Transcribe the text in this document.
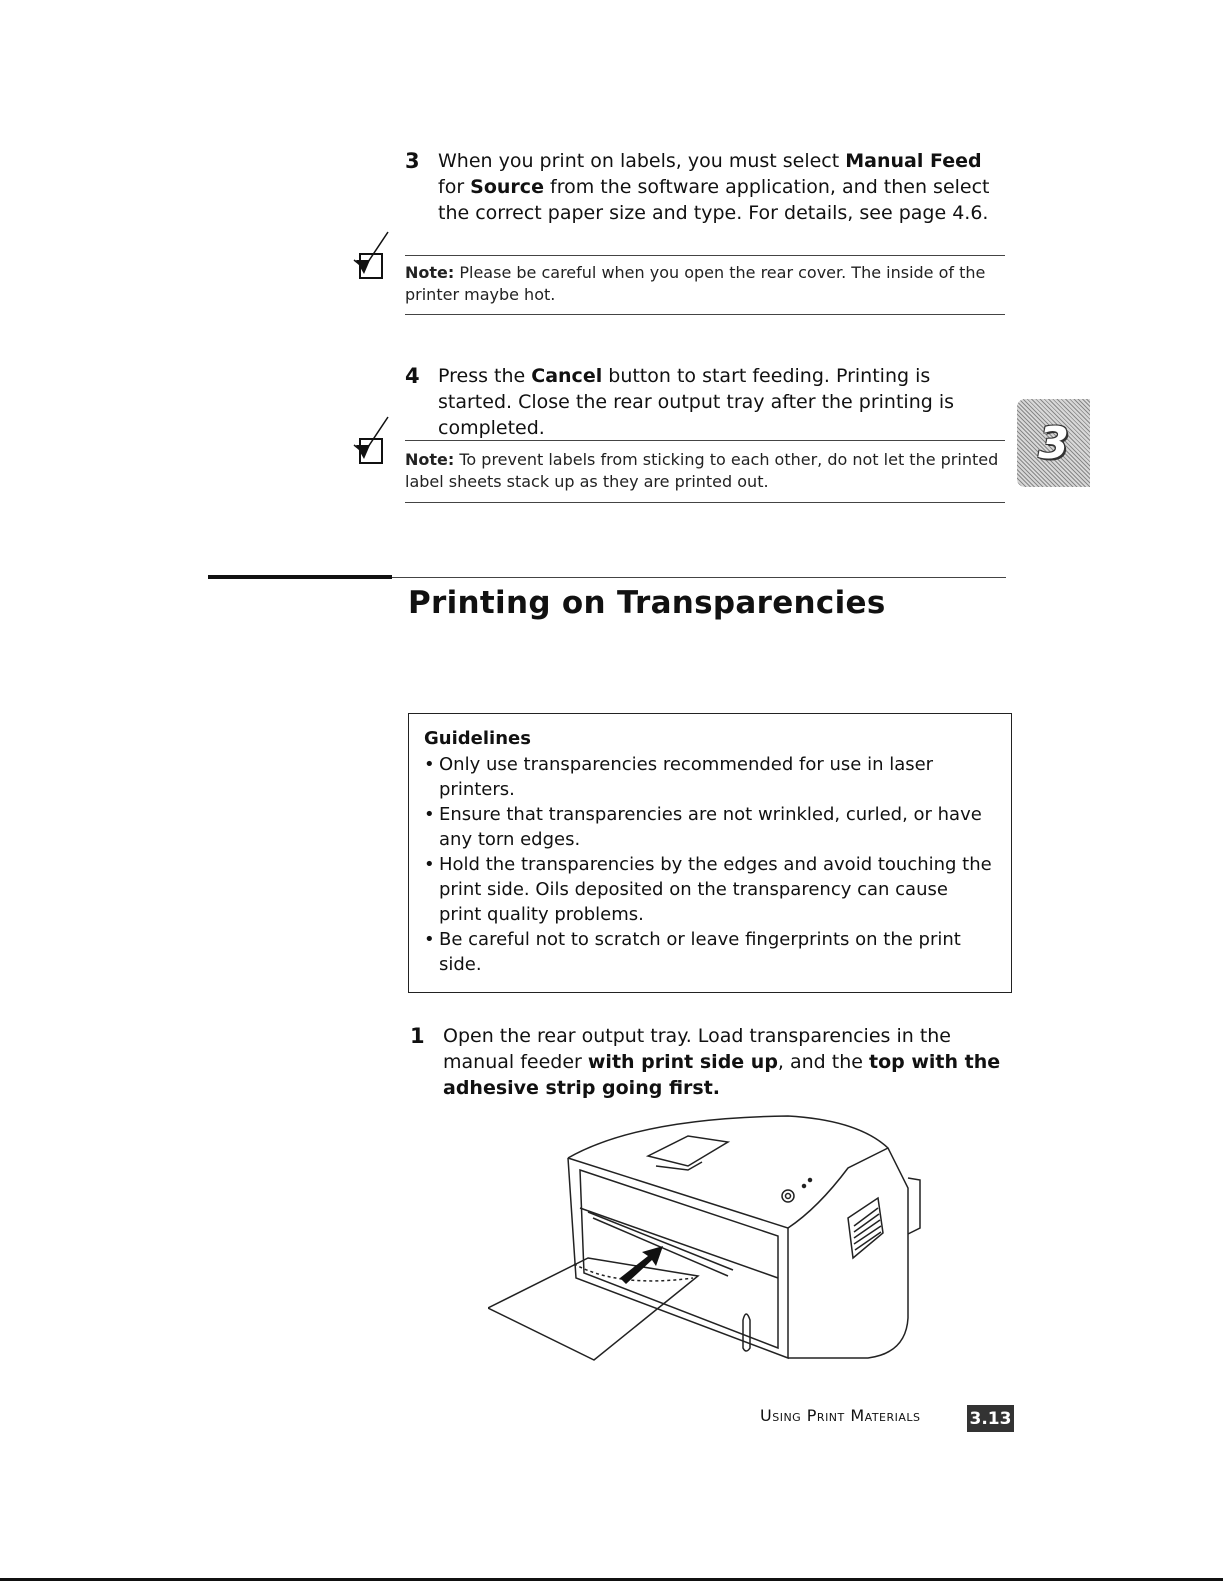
3 When you print on labels, you must select Manual Feed for Source from the software application, and then select the correct paper size and type. For details, see page 4.6.
Note: Please be careful when you open the rear cover. The inside of the printer maybe hot.
4 Press the Cancel button to start feeding. Printing is started. Close the rear output tray after the printing is completed.
Note: To prevent labels from sticking to each other, do not let the printed label sheets stack up as they are printed out.
3
Printing on Transparencies
Guidelines
• Only use transparencies recommended for use in laser printers.
• Ensure that transparencies are not wrinkled, curled, or have any torn edges.
• Hold the transparencies by the edges and avoid touching the print side. Oils deposited on the transparency can cause print quality problems.
• Be careful not to scratch or leave fingerprints on the print side.
1 Open the rear output tray. Load transparencies in the manual feeder with print side up, and the top with the adhesive strip going first.
Using Print Materials	3.13
